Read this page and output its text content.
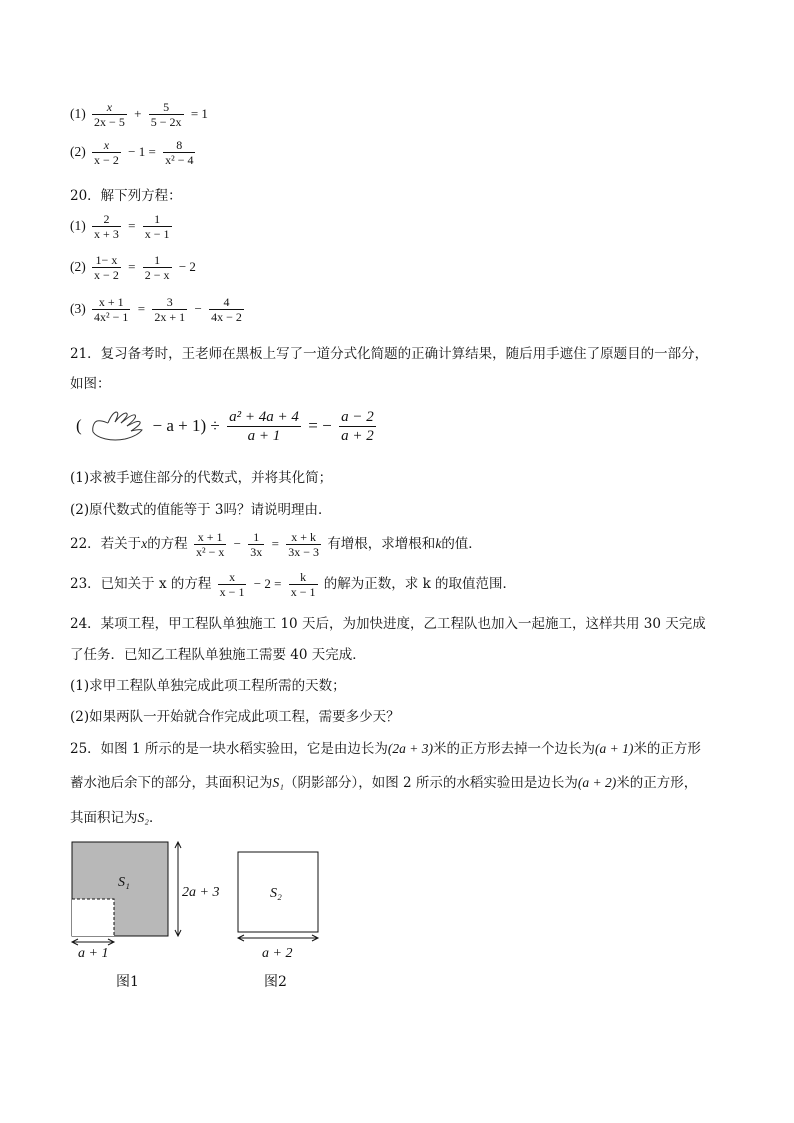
$(1) \frac{x}{2x - 5} + \frac{5}{5 - 2x} = 1$
$(2) \frac{x}{x - 2} - 1 = \frac{8}{\text{x² − 4}}$
20．解下列方程：
$(1) \frac{2}{x + 3} = \frac{1}{x - 1}$
$(2) \frac{1- x}{x - 2} = \frac{1}{2 - x} - 2$
$(3) \frac{x + 1}{\text{4x² − 1}} = \frac{3}{2x + 1} - \frac{4}{4x - 2}$
21．复习备考时，王老师在黑板上写了一道分式化简题的正确计算结果，随后用手遮住了原题目的一部分，
如图：
(	− $a + 1) \div \frac{\text{a² + 4a + 4}}{a + 1}$ = − $\frac{a - 2}{a + 2}$
(1)求被手遮住部分的代数式，并将其化简；
(2)原代数式的值能等于 3吗？请说明理由．
22．若关于x的方程 $\frac{x + 1}{\text{x² − x}} - \frac{1}{3x} = \frac{x + k}{3x - 3}$ 有增根，求增根和k的值．
23．已知关于 x 的方程 $\frac{x}{x - 1} - 2 = \frac{k}{x - 1}$ 的解为正数，求 k 的取值范围．
24．某项工程，甲工程队单独施工 10 天后，为加快进度，乙工程队也加入一起施工，这样共用 30 天完成
了任务．已知乙工程队单独施工需要 40 天完成．
(1)求甲工程队单独完成此项工程所需的天数；
(2)如果两队一开始就合作完成此项工程，需要多少天？
25．如图 1 所示的是一块水稻实验田，它是由边长为(2a + 3)米的正方形去掉一个边长为(a + 1)米的正方形
蓄水池后余下的部分，其面积记为S₁（阴影部分），如图 2 所示的水稻实验田是边长为(a + 2)米的正方形，
其面积记为S₂．
S₁
2a + 3
a + 1
图1
S₂
a + 2
图2
